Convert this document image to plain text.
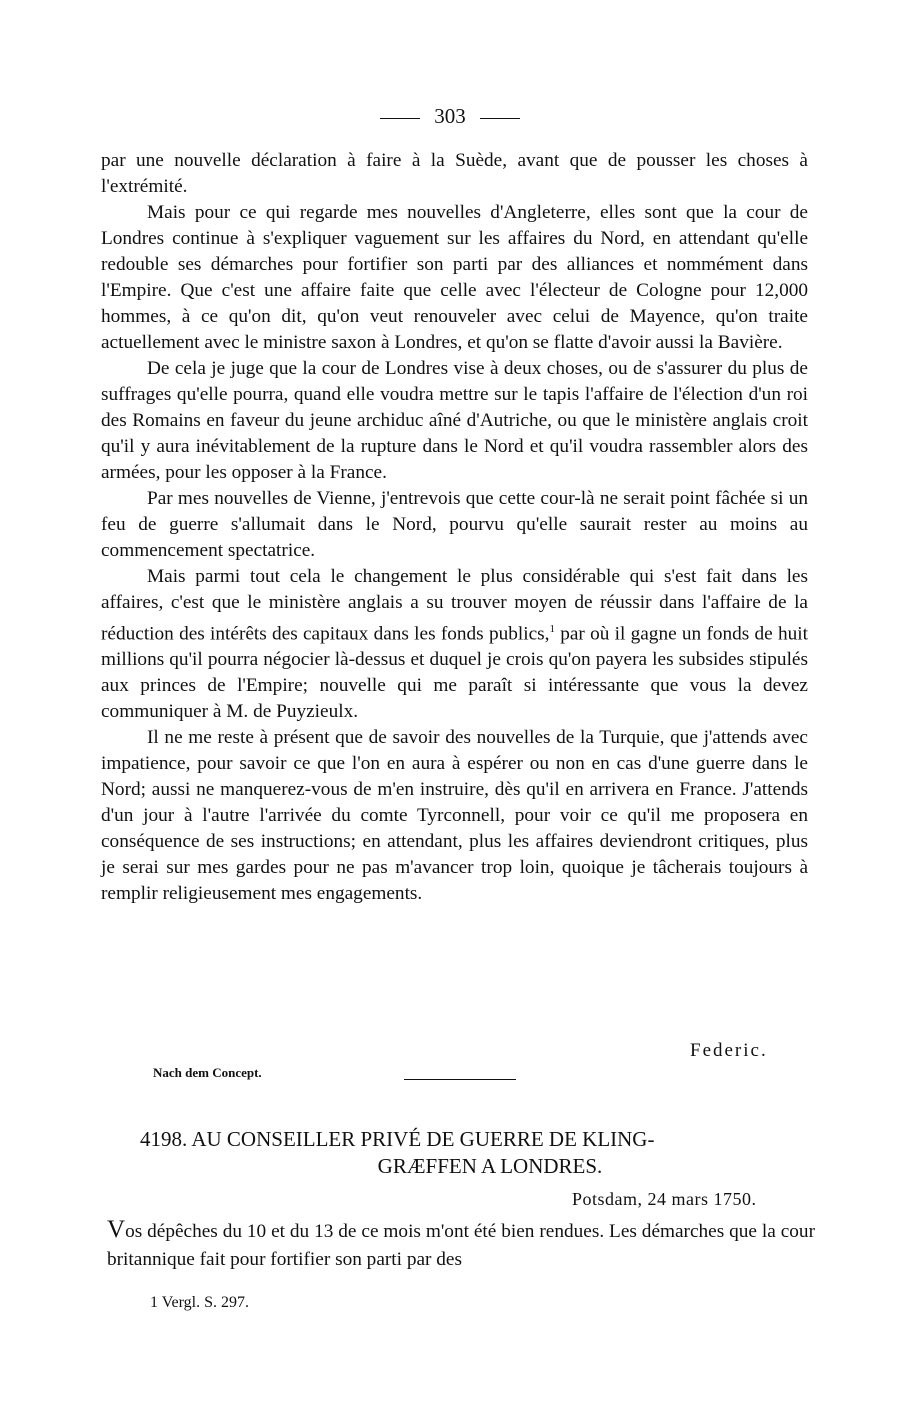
303

par une nouvelle déclaration à faire à la Suède, avant que de pousser les choses à l'extrémité.

Mais pour ce qui regarde mes nouvelles d'Angleterre, elles sont que la cour de Londres continue à s'expliquer vaguement sur les affaires du Nord, en attendant qu'elle redouble ses démarches pour fortifier son parti par des alliances et nommément dans l'Empire. Que c'est une affaire faite que celle avec l'électeur de Cologne pour 12,000 hommes, à ce qu'on dit, qu'on veut renouveler avec celui de Mayence, qu'on traite actuellement avec le ministre saxon à Londres, et qu'on se flatte d'avoir aussi la Bavière.

De cela je juge que la cour de Londres vise à deux choses, ou de s'assurer du plus de suffrages qu'elle pourra, quand elle voudra mettre sur le tapis l'affaire de l'élection d'un roi des Romains en faveur du jeune archiduc aîné d'Autriche, ou que le ministère anglais croit qu'il y aura inévitablement de la rupture dans le Nord et qu'il voudra rassembler alors des armées, pour les opposer à la France.

Par mes nouvelles de Vienne, j'entrevois que cette cour-là ne serait point fâchée si un feu de guerre s'allumait dans le Nord, pourvu qu'elle saurait rester au moins au commencement spectatrice.

Mais parmi tout cela le changement le plus considérable qui s'est fait dans les affaires, c'est que le ministère anglais a su trouver moyen de réussir dans l'affaire de la réduction des intérêts des capitaux dans les fonds publics,$^1$ par où il gagne un fonds de huit millions qu'il pourra négocier là-dessus et duquel je crois qu'on payera les subsides stipulés aux princes de l'Empire; nouvelle qui me paraît si intéressante que vous la devez communiquer à M. de Puyzieulx.

Il ne me reste à présent que de savoir des nouvelles de la Turquie, que j'attends avec impatience, pour savoir ce que l'on en aura à espérer ou non en cas d'une guerre dans le Nord; aussi ne manquerez-vous de m'en instruire, dès qu'il en arrivera en France. J'attends d'un jour à l'autre l'arrivée du comte Tyrconnell, pour voir ce qu'il me proposera en conséquence de ses instructions; en attendant, plus les affaires deviendront critiques, plus je serai sur mes gardes pour ne pas m'avancer trop loin, quoique je tâcherais toujours à remplir religieusement mes engagements.

Federic.
Nach dem Concept.
4198. AU CONSEILLER PRIVÉ DE GUERRE DE KLING-
GRÆFFEN A LONDRES.
Potsdam, 24 mars 1750.

Vos dépêches du 10 et du 13 de ce mois m'ont été bien rendues. Les démarches que la cour britannique fait pour fortifier son parti par des

1 Vergl. S. 297.
